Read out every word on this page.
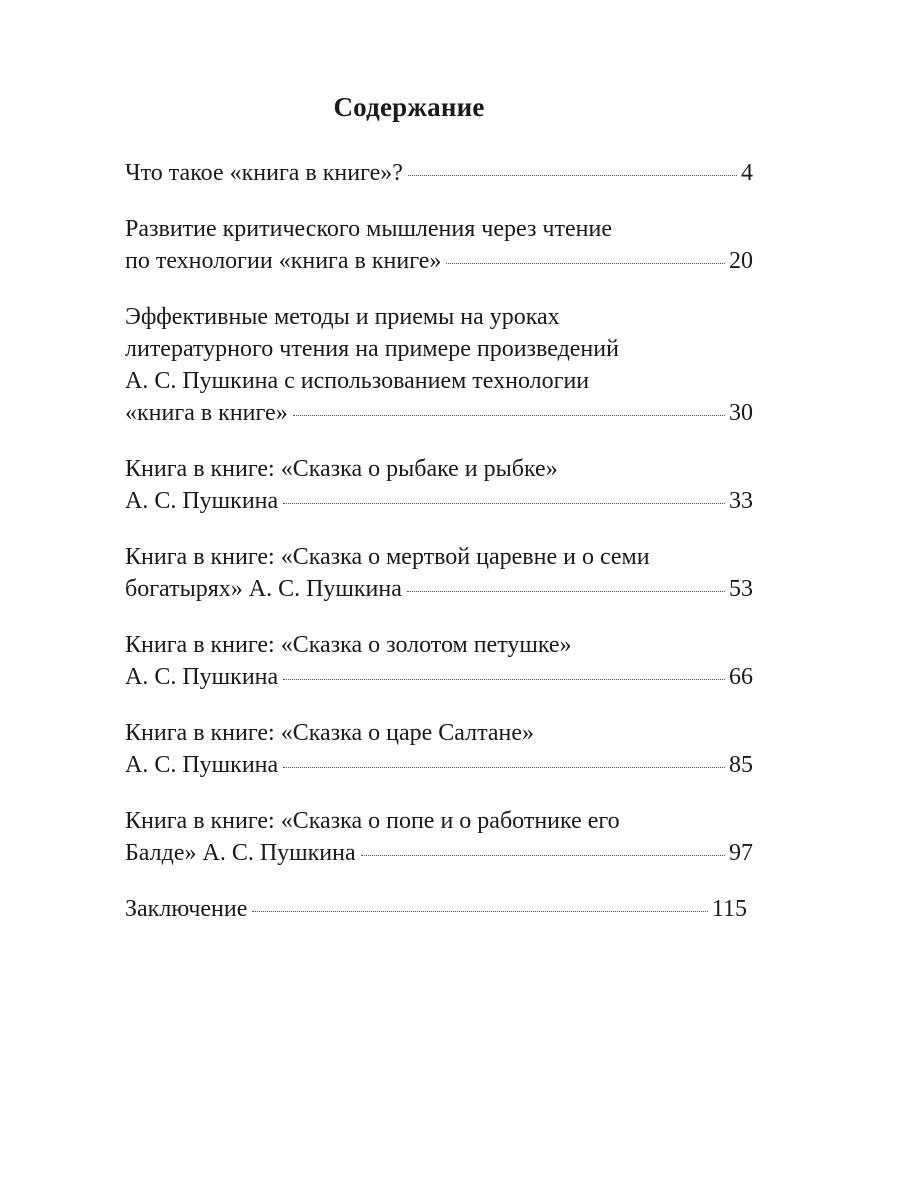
Содержание
Что такое «книга в книге»?	4
Развитие критического мышления через чтение
по технологии «книга в книге»	20
Эффективные методы и приемы на уроках
литературного чтения на примере произведений
А. С. Пушкина с использованием технологии
«книга в книге»	30
Книга в книге: «Сказка о рыбаке и рыбке»
А. С. Пушкина	33
Книга в книге: «Сказка о мертвой царевне и о семи
богатырях» А. С. Пушкина	53
Книга в книге: «Сказка о золотом петушке»
А. С. Пушкина	66
Книга в книге: «Сказка о царе Салтане»
А. С. Пушкина	85
Книга в книге: «Сказка о попе и о работнике его
Балде» А. С. Пушкина	97
Заключение	115
